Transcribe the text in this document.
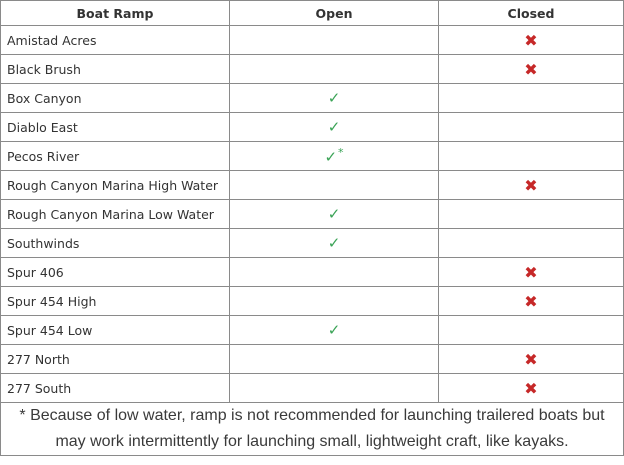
Boat Ramp	Open	Closed
Amistad Acres		✖
Black Brush		✖
Box Canyon	✓	
Diablo East	✓	
Pecos River	✓*	
Rough Canyon Marina High Water		✖
Rough Canyon Marina Low Water	✓	
Southwinds	✓	
Spur 406		✖
Spur 454 High		✖
Spur 454 Low	✓	
277 North		✖
277 South		✖
* Because of low water, ramp is not recommended for launching trailered boats but may work intermittently for launching small, lightweight craft, like kayaks.		
